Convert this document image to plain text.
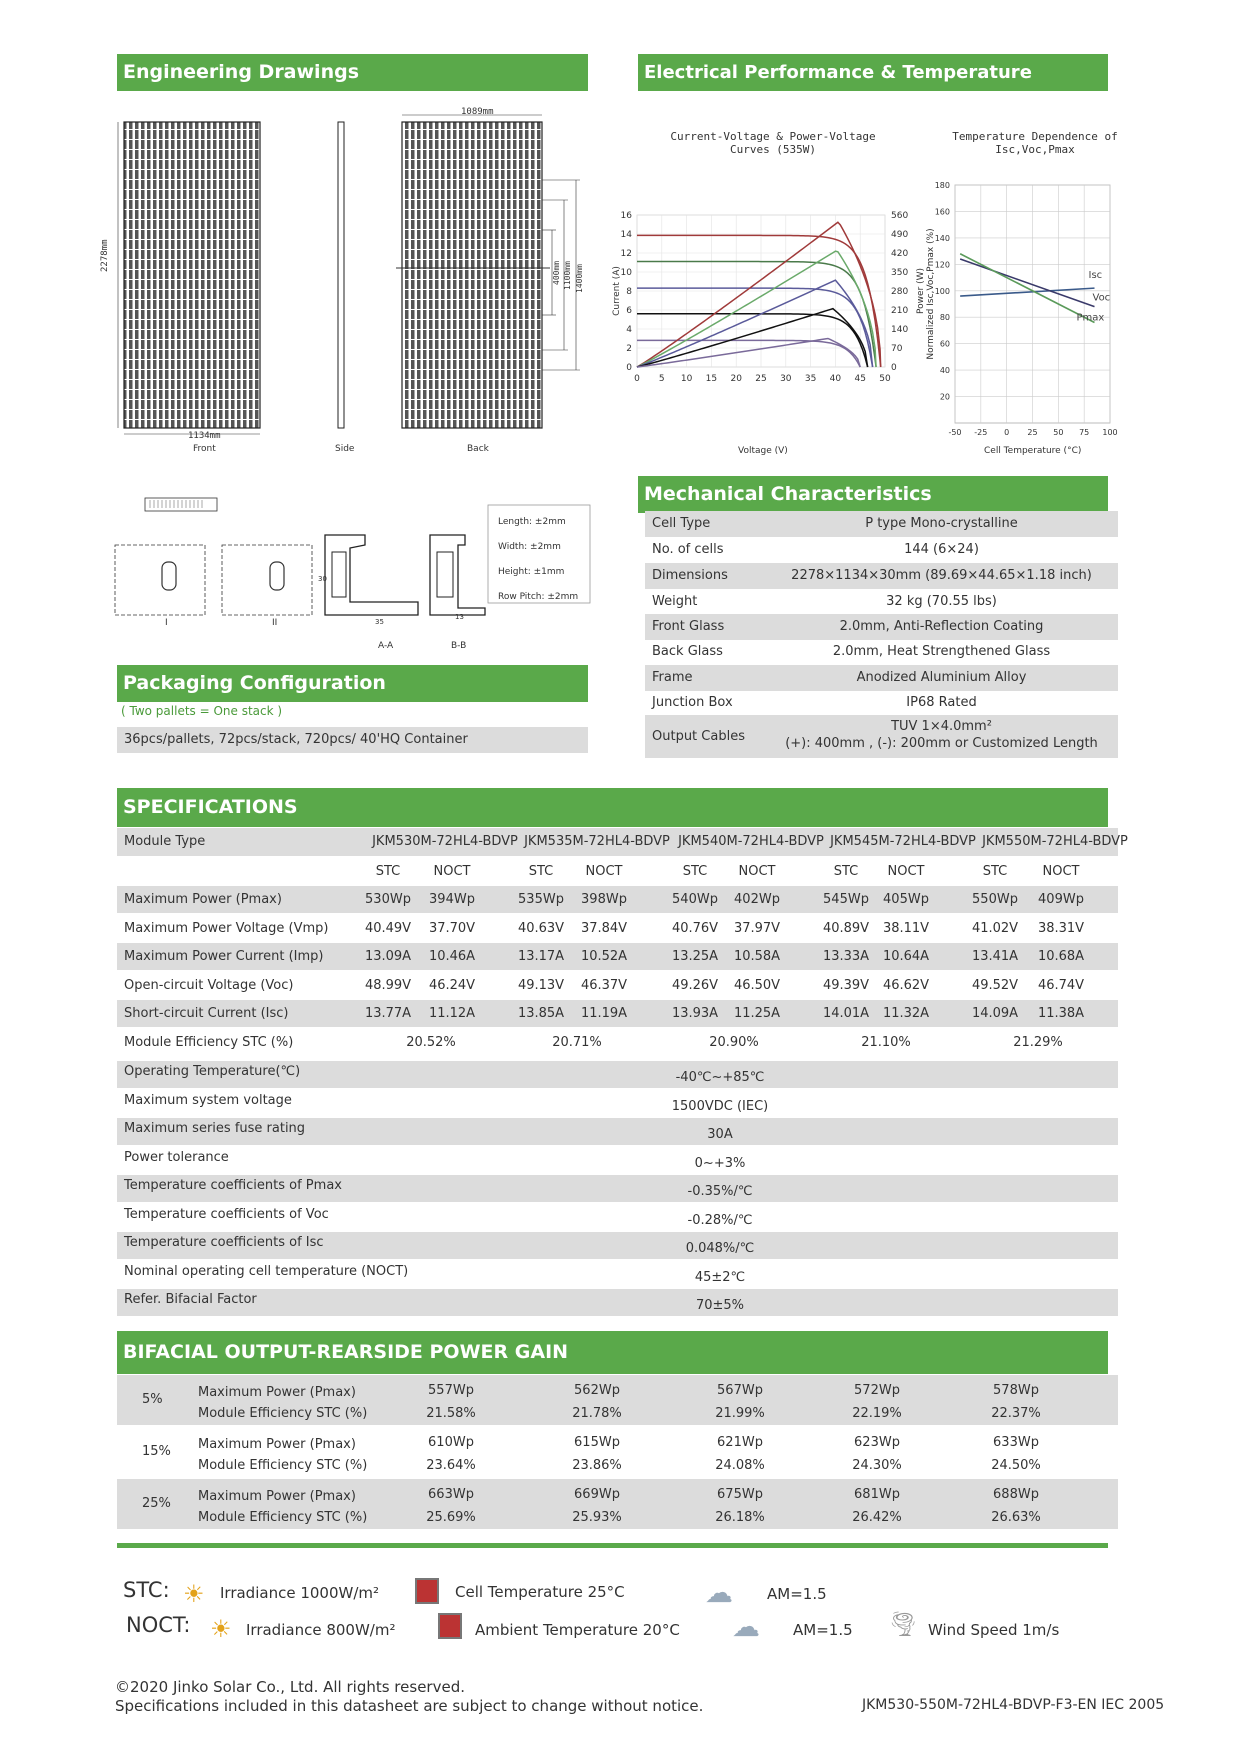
Engineering Drawings	Electrical Performance & Temperature Dependence
1134mm
2278mm
1089mm
400mm 1100mm 1400mm
Front	Side	Back
I	II
A-A	B-B
35
30
13
Length: ±2mm
Width: ±2mm
Height: ±1mm
Row Pitch: ±2mm
Current-Voltage & Power-Voltage Curves (535W)
Temperature Dependence of Isc,Voc,Pmax
0 5 10 15 20 25 30 35 40 45 50
0
2
4
6
8
10
12
14
16
0
70
140
210
280
350
420
490
560
Current (A)	Power (W)
-50 -25 0 25 50 75 100
20
40
60
80
100
120
140
160
180
Normalized Isc,Voc,Pmax (%)	Isc
Voc
Pmax
Voltage (V)	Cell Temperature (°C)
Mechanical Characteristics
Cell Type	P type Mono-crystalline
No. of cells	144 (6×24)
Dimensions	2278×1134×30mm (89.69×44.65×1.18 inch)
Weight	32 kg (70.55 lbs)
Front Glass	2.0mm, Anti-Reflection Coating
Back Glass	2.0mm, Heat Strengthened Glass
Frame	Anodized Aluminium Alloy
Junction Box	IP68 Rated
Output Cables
TUV 1×4.0mm²
(+): 400mm , (-): 200mm or Customized Length
Packaging Configuration
( Two pallets = One stack )
36pcs/pallets, 72pcs/stack, 720pcs/ 40'HQ Container
SPECIFICATIONS
Module Type	JKM530M-72HL4-BDVP JKM535M-72HL4-BDVP JKM540M-72HL4-BDVP JKM545M-72HL4-BDVP JKM550M-72HL4-BDVP
STC	NOCT	STC NOCT	STC NOCT	STC NOCT	STC	NOCT
Maximum Power (Pmax)	530Wp 394Wp	535Wp 398Wp	540Wp 402Wp	545Wp 405Wp	550Wp 409Wp
Maximum Power Voltage (Vmp)	40.49V 37.70V	40.63V 37.84V	40.76V 37.97V	40.89V 38.11V	41.02V 38.31V
Maximum Power Current (Imp)	13.09A 10.46A	13.17A 10.52A	13.25A 10.58A	13.33A 10.64A	13.41A 10.68A
Open-circuit Voltage (Voc)	48.99V 46.24V	49.13V 46.37V	49.26V 46.50V	49.39V 46.62V	49.52V 46.74V
Short-circuit Current (Isc)	13.77A 11.12A	13.85A 11.19A	13.93A 11.25A	14.01A 11.32A	14.09A 11.38A
Module Efficiency STC (%)	20.52%	20.71%	20.90%	21.10%	21.29%
Operating Temperature(℃)	-40℃~+85℃
Maximum system voltage	1500VDC (IEC)
Maximum series fuse rating	30A
Power tolerance	0~+3%
Temperature coefficients of Pmax	-0.35%/℃
Temperature coefficients of Voc	-0.28%/℃
Temperature coefficients of Isc	0.048%/℃
Nominal operating cell temperature (NOCT)	45±2℃
Refer. Bifacial Factor	70±5%
BIFACIAL OUTPUT-REARSIDE POWER GAIN
5%	Maximum Power (Pmax)
Module Efficiency STC (%)
557Wp	562Wp	567Wp	572Wp	578Wp
21.58%	21.78%	21.99%	22.19%	22.37%
15% Maximum Power (Pmax)
Module Efficiency STC (%)
610Wp	615Wp	621Wp	623Wp	633Wp
23.64%	23.86%	24.08%	24.30%	24.50%
25% Maximum Power (Pmax)
Module Efficiency STC (%)
663Wp	669Wp	675Wp	681Wp	688Wp
25.69%	25.93%	26.18%	26.42%	26.63%
STC:
NOCT:
☀ Irradiance 1000W/m²	Cell Temperature 25°C	☁ AM=1.5
☀ Irradiance 800W/m²	Ambient Temperature 20°C ☁ AM=1.5 🌪 Wind Speed 1m/s
©2020 Jinko Solar Co., Ltd. All rights reserved.
Specifications included in this datasheet are subject to change without notice.	JKM530-550M-72HL4-BDVP-F3-EN IEC 2005
